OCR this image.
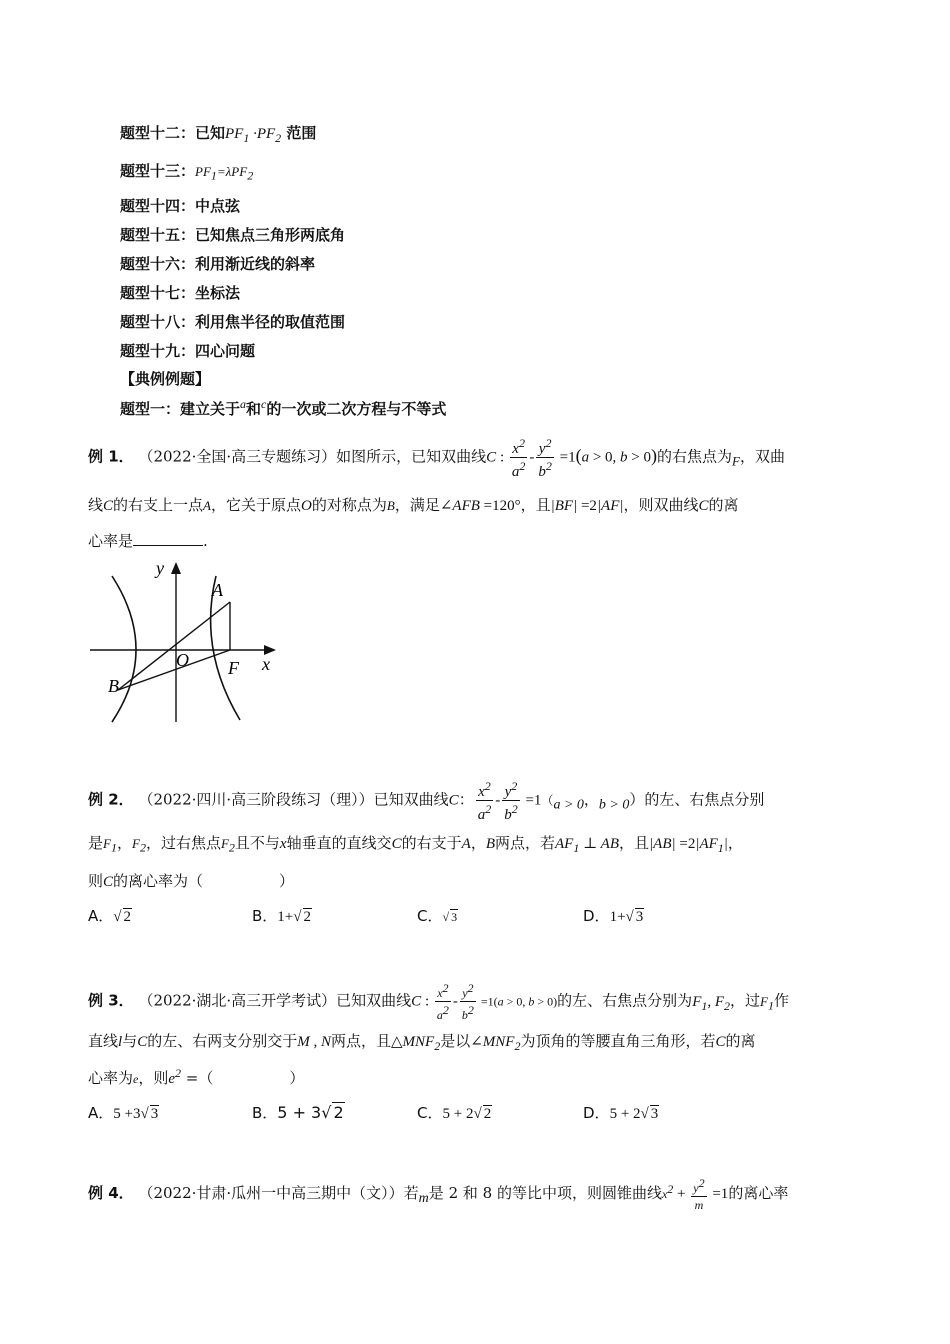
题型十二：已知$PF_1 \cdot PF_2$ 范围
题型十三：$PF_1=\lambda PF_2$
题型十四：中点弦
题型十五：已知焦点三角形两底角
题型十六：利用渐近线的斜率
题型十七：坐标法
题型十八：利用焦半径的取值范围
题型十九：四心问题
【典例例题】
题型一：建立关于$^a$和$^c$的一次或二次方程与不等式
例 1． （2022·全国·高三专题练习）如图所示，已知双曲线C : $\frac{x^2}{a^2} - \frac{y^2}{b^2} =1(a > 0$, b > 0)的右焦点为F，双曲
线C的右支上一点A，它关于原点O的对称点为B，满足∠AFB =120°，且|BF| =2|AF|，则双曲线C的离
心率是	.
y
A
O F x
B
例 2． （2022·四川·高三阶段练习（理））已知双曲线C： $\frac{x^2}{a^2} - \frac{y^2}{b^2} =1(a > 0$，b > 0）的左、右焦点分别
是$F_1$，$F_2$，过右焦点$F_2$且不与x轴垂直的直线交C的右支于A，B两点，若$AF_1$ ⊥ AB，且$|AB| =2|AF_1|$，
则C的离心率为（	）
A．√ 2	B．1+√ 2	C．√ 3	D．1+√ 3
例 3． （2022·湖北·高三开学考试）已知双曲线C : $\frac{x^2}{a^2} - \frac{y^2}{b^2} =1(a > 0$, b > 0)的左、右焦点分别为$F_1$, $F_2$，过$F_1$作
直线l与C的左、右两支分别交于M , N两点，且$\triangle MNF_2$是以$\angle MNF_2$为顶角的等腰直角三角形，若C的离
心率为e，则$e^2$ =（	）
A．5 +3√ 3	B．5 + 3√ 2	C．5 + 2√ 2	D．5 + 2√ 3
例 4． （2022·甘肃·瓜州一中高三期中（文））若m是 2 和 8 的等比中项，则圆锥曲线$x^2 + \frac{y^2}{m} =1$的离心率
